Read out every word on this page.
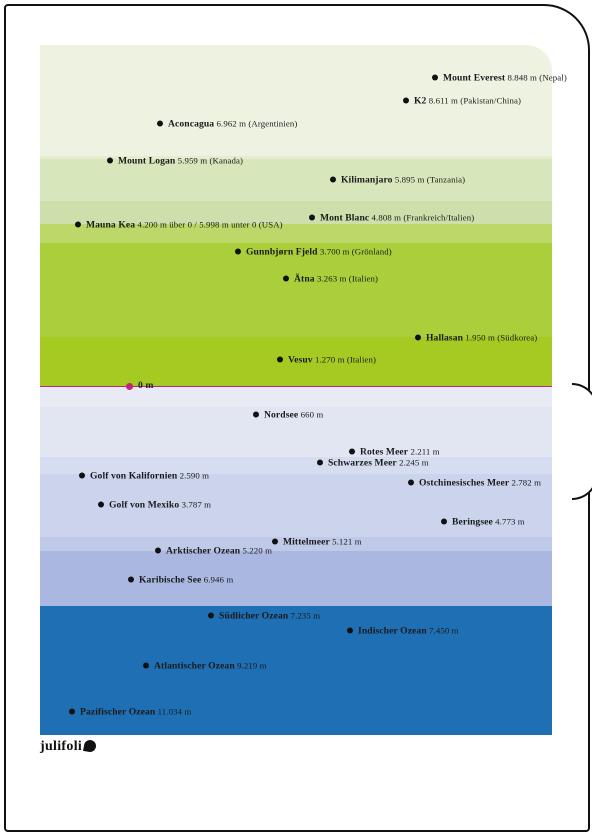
0 m
Mount Everest 8.848 m (Nepal)
K2 8.611 m (Pakistan/China)
Aconcagua 6.962 m (Argentinien)
Mount Logan 5.959 m (Kanada)
Kilimanjaro 5.895 m (Tanzania)
Mont Blanc 4.808 m (Frankreich/Italien)
Mauna Kea 4.200 m über 0 / 5.998 m unter 0 (USA)
Gunnbjørn Fjeld 3.700 m (Grönland)
Ätna 3.263 m (Italien)
Hallasan 1.950 m (Südkorea)
Vesuv 1.270 m (Italien)
Nordsee 660 m
Rotes Meer 2.211 m
Schwarzes Meer 2.245 m
Golf von Kalifornien 2.590 m
Ostchinesisches Meer 2.782 m
Golf von Mexiko 3.787 m
Beringsee 4.773 m
Mittelmeer 5.121 m
Arktischer Ozean 5.220 m
Karibische See 6.946 m
Südlicher Ozean 7.235 m
Indischer Ozean 7.450 m
Atlantischer Ozean 9.219 m
Pazifischer Ozean 11.034 m
julifoli
